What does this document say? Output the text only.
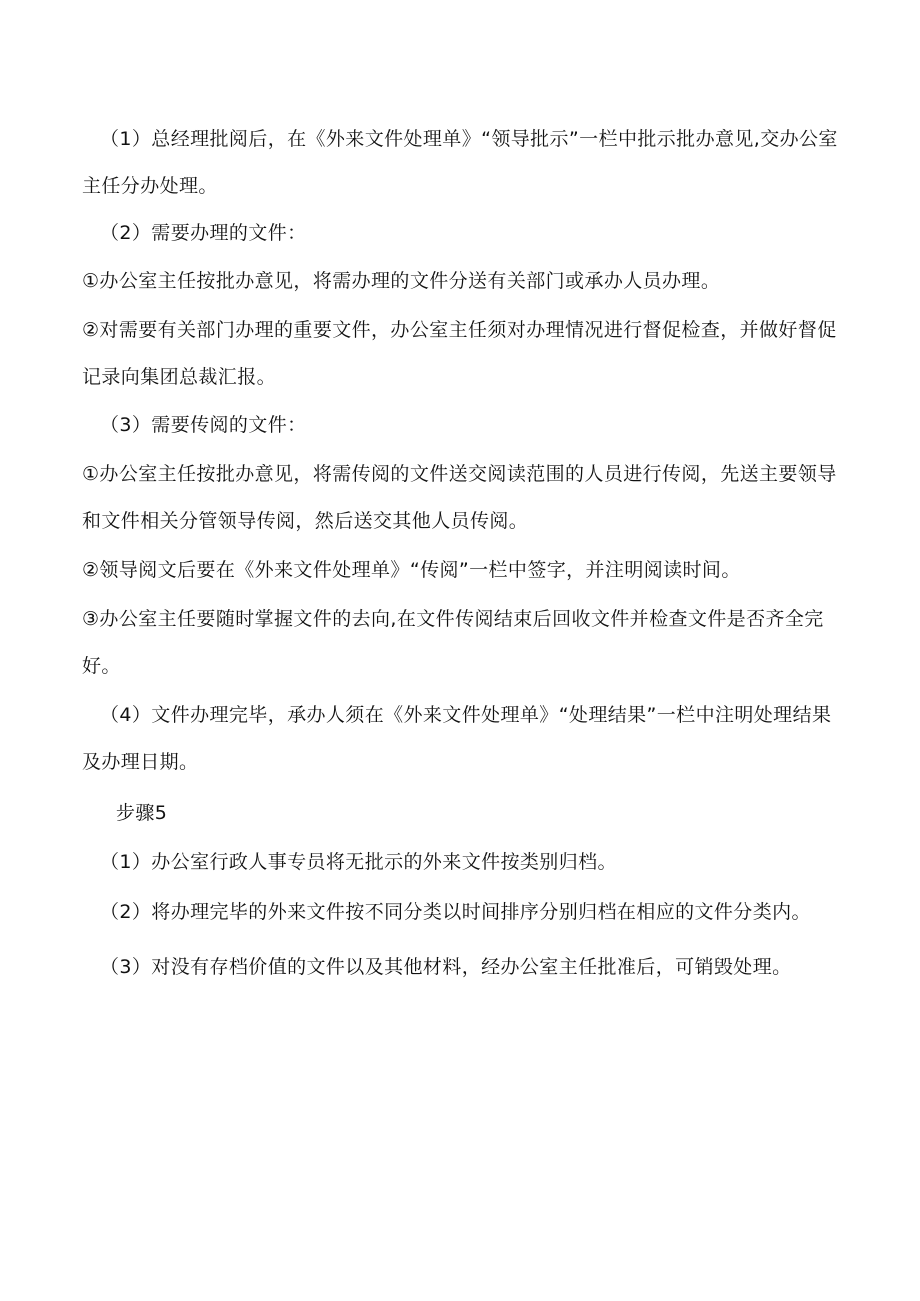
（1）总经理批阅后，在《外来文件处理单》“领导批示”一栏中批示批办意见,交办公室主任分办处理。

（2）需要办理的文件：

①办公室主任按批办意见，将需办理的文件分送有关部门或承办人员办理。

②对需要有关部门办理的重要文件，办公室主任须对办理情况进行督促检查，并做好督促记录向集团总裁汇报。

（3）需要传阅的文件：

①办公室主任按批办意见，将需传阅的文件送交阅读范围的人员进行传阅，先送主要领导和文件相关分管领导传阅，然后送交其他人员传阅。

②领导阅文后要在《外来文件处理单》“传阅”一栏中签字，并注明阅读时间。

③办公室主任要随时掌握文件的去向,在文件传阅结束后回收文件并检查文件是否齐全完好。

（4）文件办理完毕，承办人须在《外来文件处理单》“处理结果”一栏中注明处理结果及办理日期。

步骤5

（1）办公室行政人事专员将无批示的外来文件按类别归档。

（2）将办理完毕的外来文件按不同分类以时间排序分别归档在相应的文件分类内。

（3）对没有存档价值的文件以及其他材料，经办公室主任批准后，可销毁处理。
